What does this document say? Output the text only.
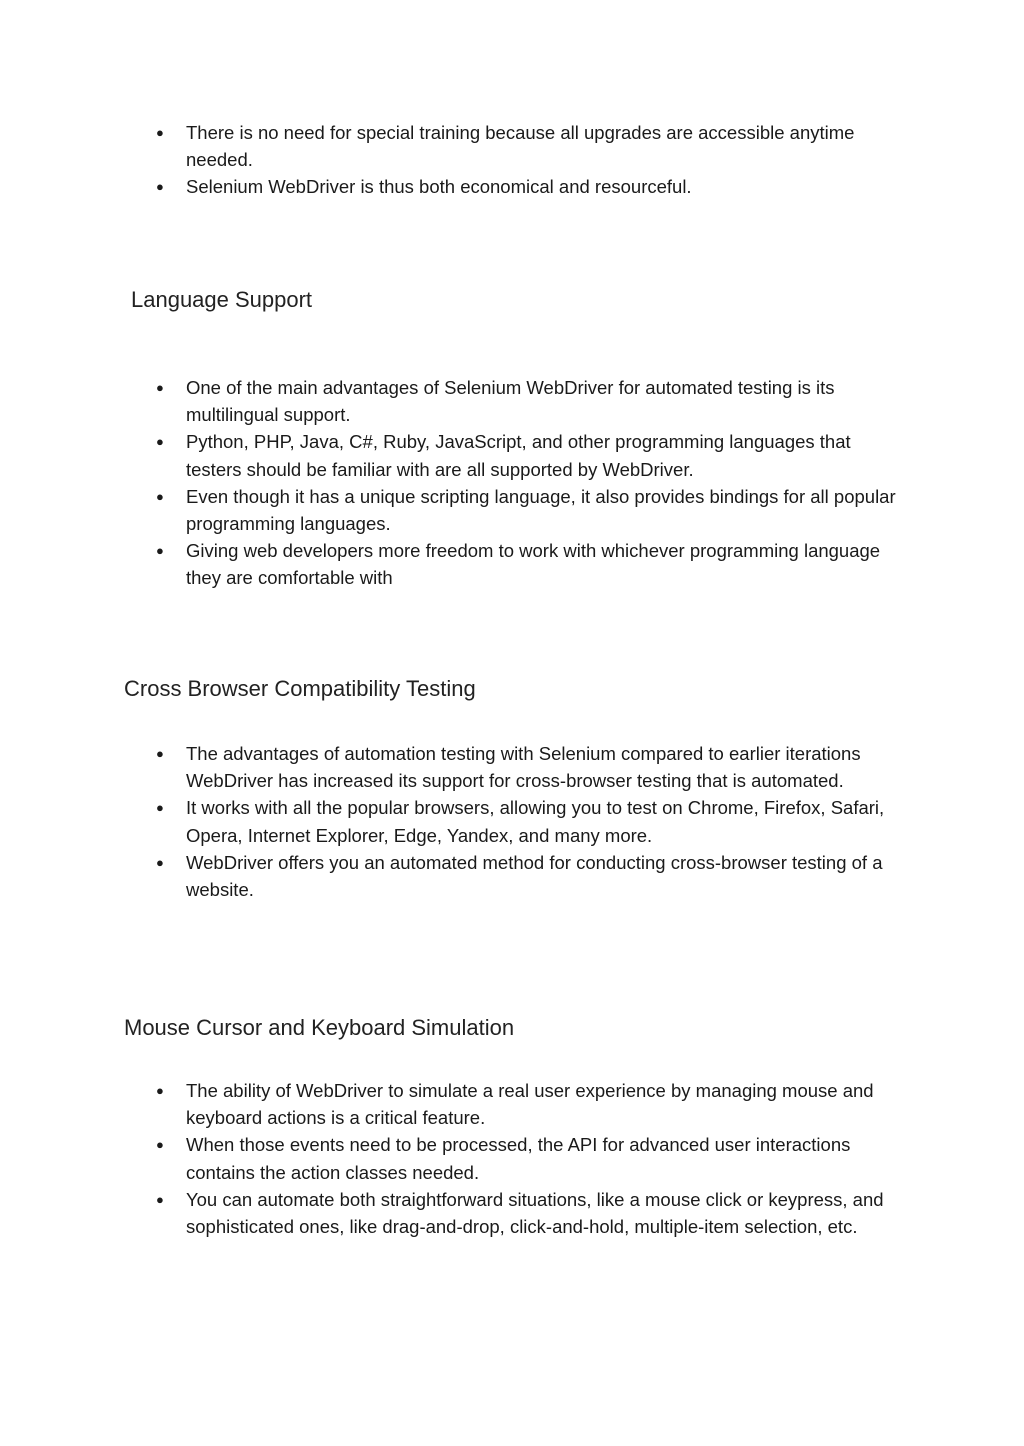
● There is no need for special training because all upgrades are accessible anytime needed.
● Selenium WebDriver is thus both economical and resourceful.
Language Support
● One of the main advantages of Selenium WebDriver for automated testing is its multilingual support.
● Python, PHP, Java, C#, Ruby, JavaScript, and other programming languages that testers should be familiar with are all supported by WebDriver.
● Even though it has a unique scripting language, it also provides bindings for all popular programming languages.
● Giving web developers more freedom to work with whichever programming language they are comfortable with
Cross Browser Compatibility Testing
● The advantages of automation testing with Selenium compared to earlier iterations WebDriver has increased its support for cross-browser testing that is automated.
● It works with all the popular browsers, allowing you to test on Chrome, Firefox, Safari, Opera, Internet Explorer, Edge, Yandex, and many more.
● WebDriver offers you an automated method for conducting cross-browser testing of a website.
Mouse Cursor and Keyboard Simulation
● The ability of WebDriver to simulate a real user experience by managing mouse and keyboard actions is a critical feature.
● When those events need to be processed, the API for advanced user interactions contains the action classes needed.
● You can automate both straightforward situations, like a mouse click or keypress, and sophisticated ones, like drag-and-drop, click-and-hold, multiple-item selection, etc.
